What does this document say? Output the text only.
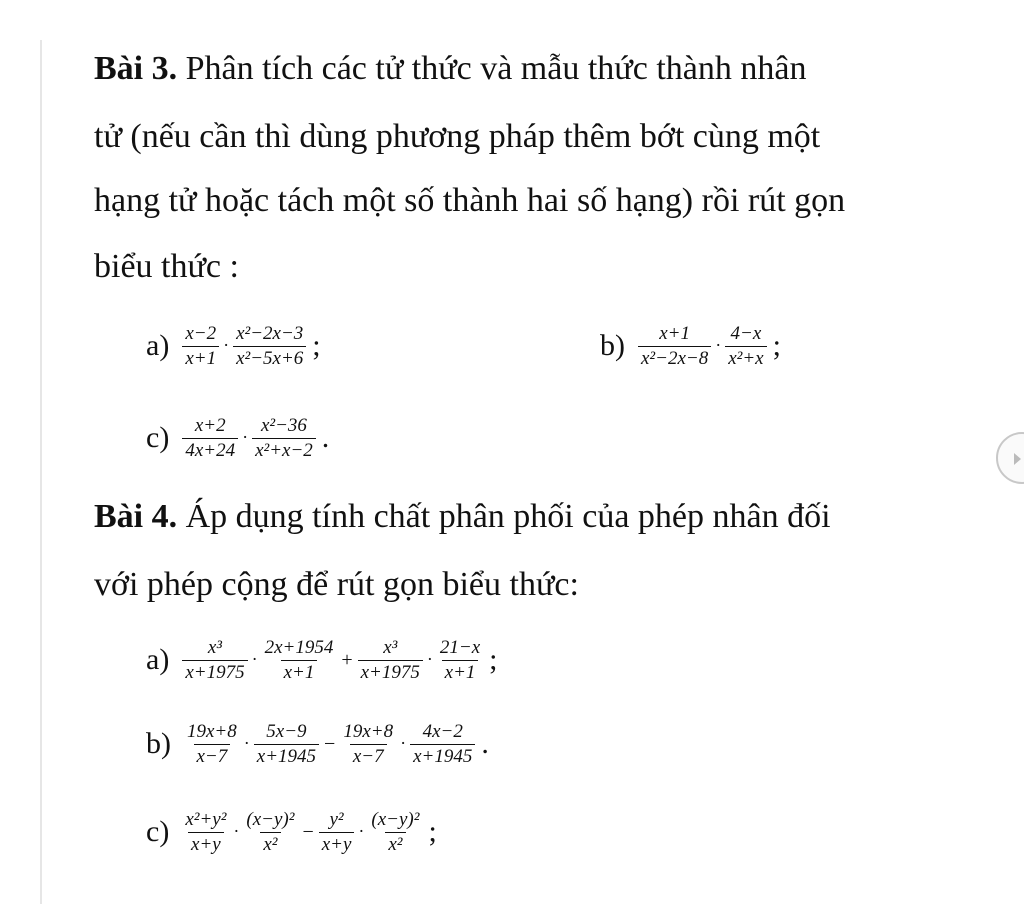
Bài 3. Phân tích các tử thức và mẫu thức thành nhân
tử (nếu cần thì dùng phương pháp thêm bớt cùng một
hạng tử hoặc tách một số thành hai số hạng) rồi rút gọn
biểu thức :
$a) \frac{x-2}{x+1} \cdot \frac{\text{x²−2x−3}}{\text{x²−5x+6}}$ ;	$b) \frac{x+1}{\text{x²−2x−8}} \cdot \frac{4-x}{\text{x²+x}}$ ;
$c) \frac{x+2}{4x+24} \cdot \frac{\text{x²−36}}{\text{x²+x−2}}$ .
Bài 4. Áp dụng tính chất phân phối của phép nhân đối
với phép cộng để rút gọn biểu thức:
$a) \frac{\text{x³}}{x+1975} \cdot \frac{2x+1954}{x+1} + \frac{\text{x³}}{x+1975} \cdot \frac{21-x}{x+1}$ ;
$b) \frac{19x+8}{x-7} \cdot \frac{5x-9}{x+1945} - \frac{19x+8}{x-7} \cdot \frac{4x-2}{x+1945}$ .
$c) \frac{\text{x²+y²}}{x+y} \cdot \frac{\text{(x−y)²}}{\text{x²}} - \frac{\text{y²}}{x+y} \cdot \frac{\text{(x−y)²}}{\text{x²}}$ ;
